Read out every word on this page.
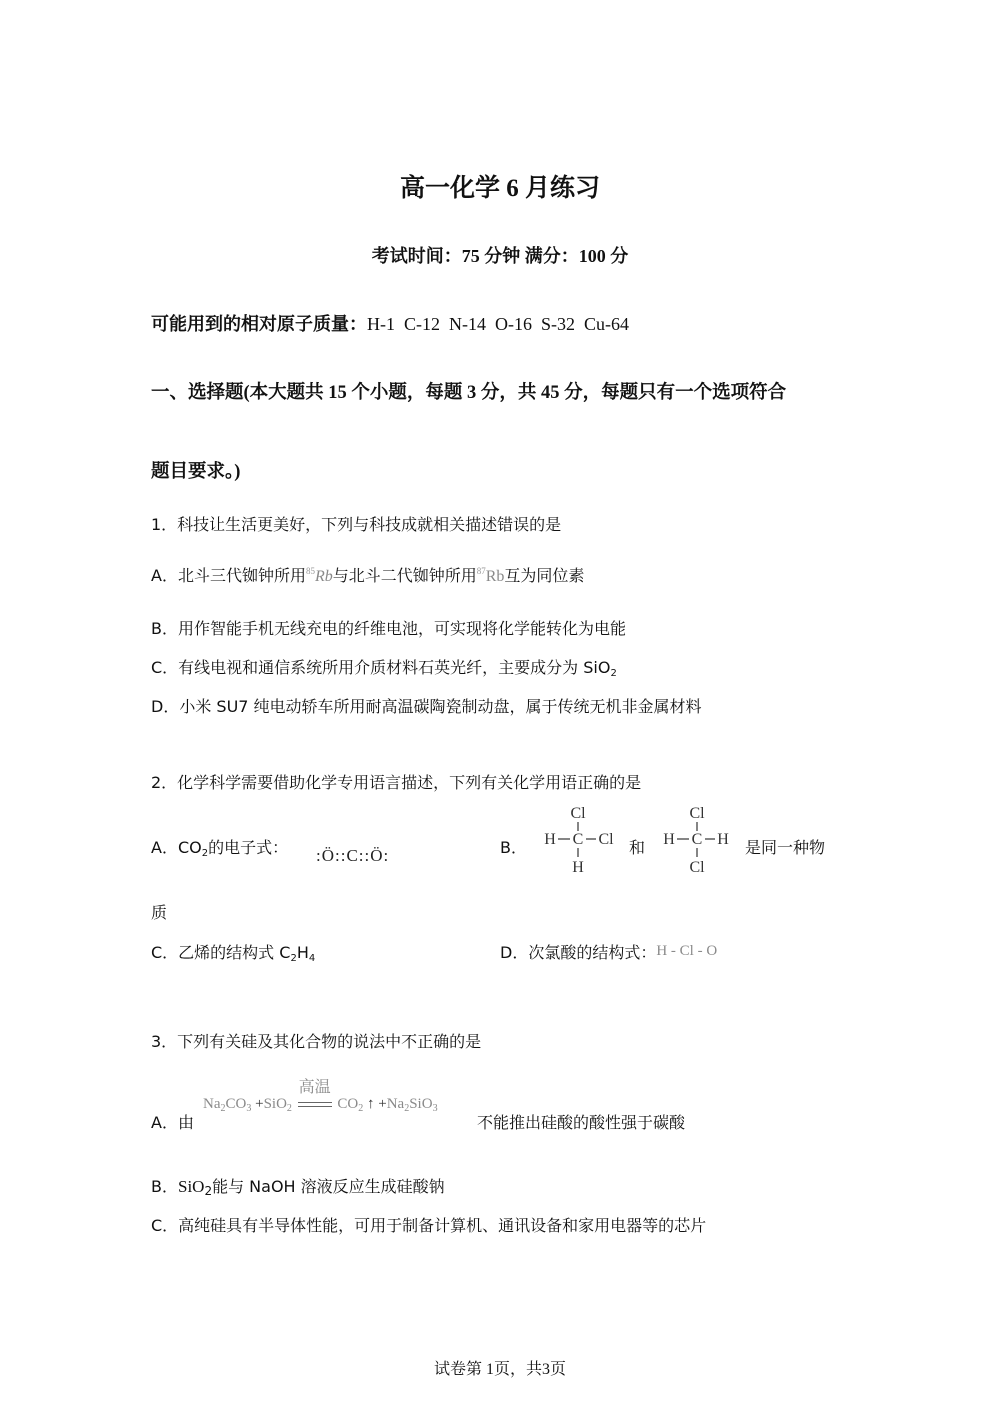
高一化学 6 月练习
考试时间：75 分钟 满分：100 分
可能用到的相对原子质量：H-1  C-12  N-14  O-16  S-32  Cu-64
一、选择题(本大题共 15 个小题，每题 3 分，共 45 分，每题只有一个选项符合
题目要求。)
1．科技让生活更美好，下列与科技成就相关描述错误的是
A．北斗三代铷钟所用$^{85}$Rb与北斗二代铷钟所用$^{87}$Rb互为同位素
B．用作智能手机无线充电的纤维电池，可实现将化学能转化为电能
C．有线电视和通信系统所用介质材料石英光纤，主要成分为 SiO$_2$
D．小米 SU7 纯电动轿车所用耐高温碳陶瓷制动盘，属于传统无机非金属材料
2．化学科学需要借助化学专用语言描述，下列有关化学用语正确的是
A．$CO_2$的电子式： :Ö::C::Ö:	B．
Cl
H C Cl
H
和
Cl
H C H
Cl
是同一种物
质
C．乙烯的结构式 $C_2H_4$	D．次氯酸的结构式：H - Cl - O
3．下列有关硅及其化合物的说法中不正确的是
A．由
$Na_2CO_3 +SiO_2$
高温
$CO_2$ ↑ $+Na_2SiO_3$
不能推出硅酸的酸性强于碳酸
B．SiO$_2$能与 NaOH 溶液反应生成硅酸钠
C．高纯硅具有半导体性能，可用于制备计算机、通讯设备和家用电器等的芯片
试卷第 1页，共3页
